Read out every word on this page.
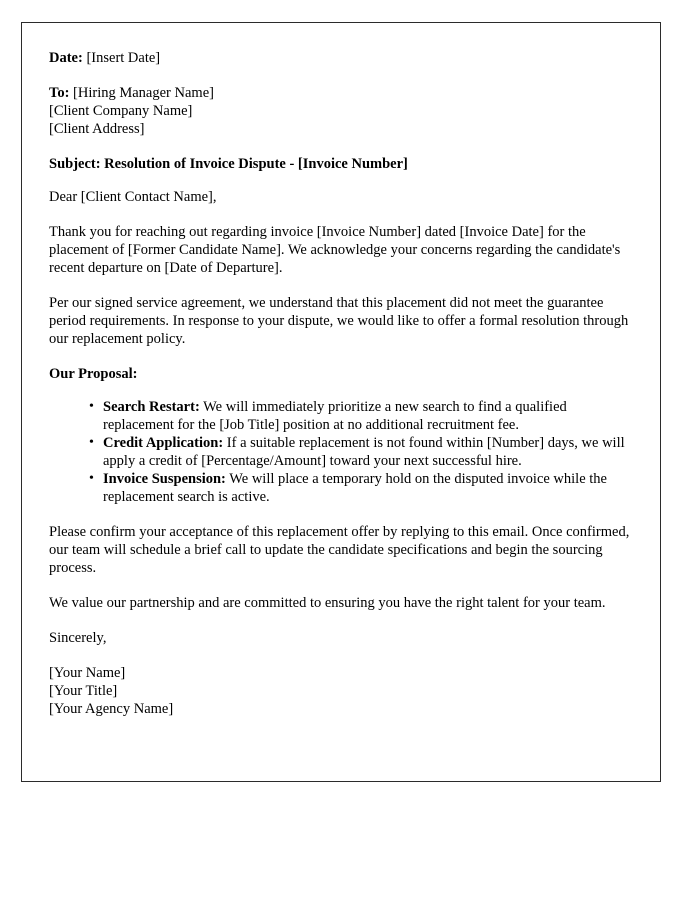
Date: [Insert Date]
To: [Hiring Manager Name]
[Client Company Name]
[Client Address]
Subject: Resolution of Invoice Dispute - [Invoice Number]
Dear [Client Contact Name],
Thank you for reaching out regarding invoice [Invoice Number] dated [Invoice Date] for the placement of [Former Candidate Name]. We acknowledge your concerns regarding the candidate's recent departure on [Date of Departure].
Per our signed service agreement, we understand that this placement did not meet the guarantee period requirements. In response to your dispute, we would like to offer a formal resolution through our replacement policy.
Our Proposal:
• Search Restart: We will immediately prioritize a new search to find a qualified replacement for the [Job Title] position at no additional recruitment fee.
• Credit Application: If a suitable replacement is not found within [Number] days, we will apply a credit of [Percentage/Amount] toward your next successful hire.
• Invoice Suspension: We will place a temporary hold on the disputed invoice while the replacement search is active.
Please confirm your acceptance of this replacement offer by replying to this email. Once confirmed, our team will schedule a brief call to update the candidate specifications and begin the sourcing process.
We value our partnership and are committed to ensuring you have the right talent for your team.
Sincerely,
[Your Name]
[Your Title]
[Your Agency Name]
